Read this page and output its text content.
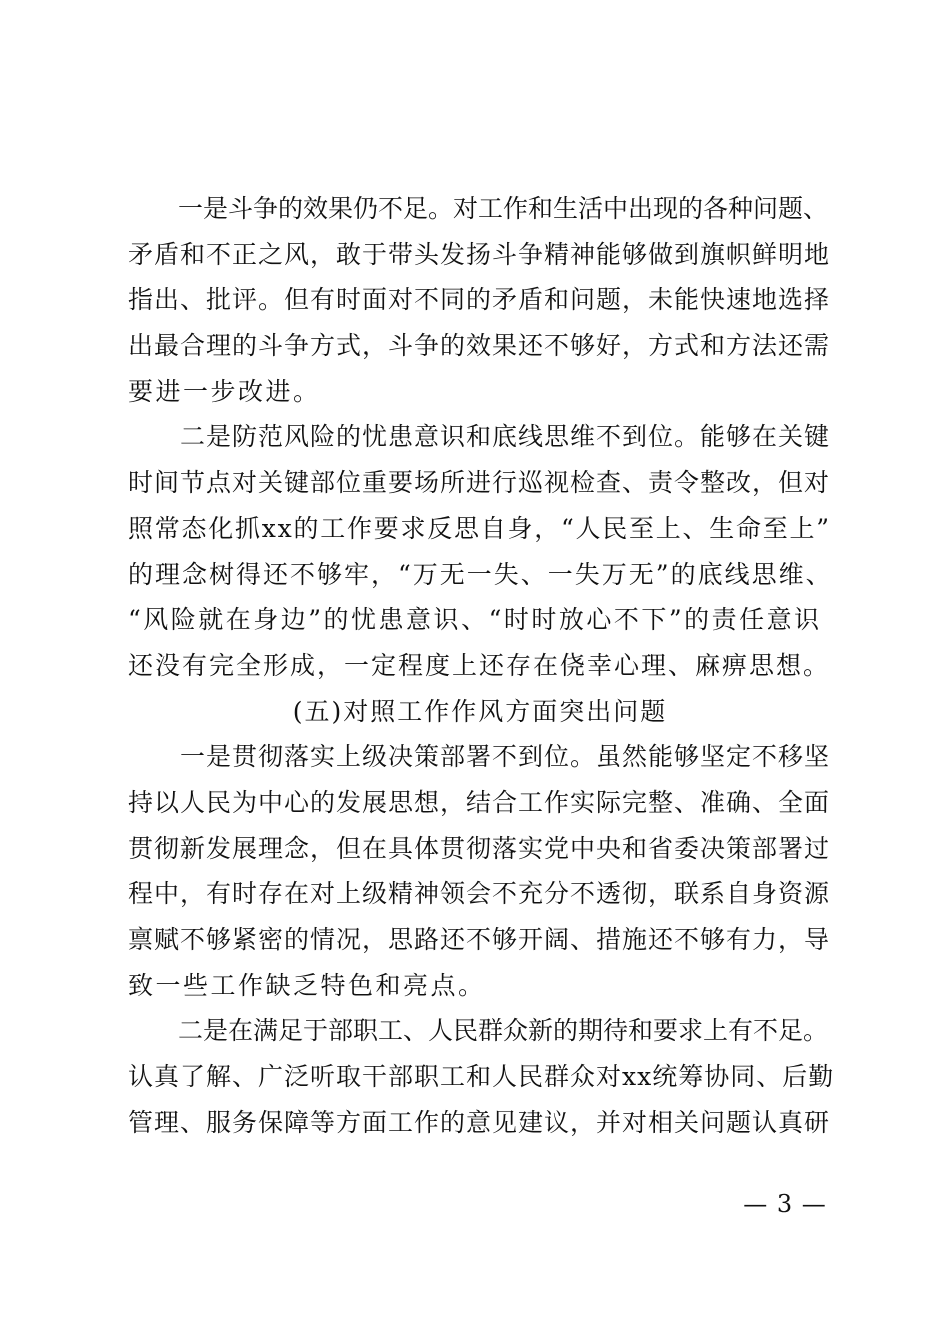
　　一是斗争的效果仍不足。对工作和生活中出现的各种问题、
矛盾和不正之风，敢于带头发扬斗争精神能够做到旗帜鲜明地
指出、批评。但有时面对不同的矛盾和问题，未能快速地选择
出最合理的斗争方式，斗争的效果还不够好，方式和方法还需
要进一步改进。
　　二是防范风险的忧患意识和底线思维不到位。能够在关键
时间节点对关键部位重要场所进行巡视检查、责令整改，但对
照常态化抓xx的工作要求反思自身，“人民至上、生命至上”
的理念树得还不够牢，“万无一失、一失万无”的底线思维、
“风险就在身边”的忧患意识、“时时放心不下”的责任意识
还没有完全形成，一定程度上还存在侥幸心理、麻痹思想。
(五)对照工作作风方面突出问题
　　一是贯彻落实上级决策部署不到位。虽然能够坚定不移坚
持以人民为中心的发展思想，结合工作实际完整、准确、全面
贯彻新发展理念，但在具体贯彻落实党中央和省委决策部署过
程中，有时存在对上级精神领会不充分不透彻，联系自身资源
禀赋不够紧密的情况，思路还不够开阔、措施还不够有力，导
致一些工作缺乏特色和亮点。
　　二是在满足于部职工、人民群众新的期待和要求上有不足。
认真了解、广泛听取干部职工和人民群众对xx统筹协同、后勤
管理、服务保障等方面工作的意见建议，并对相关问题认真研
— 3 —
